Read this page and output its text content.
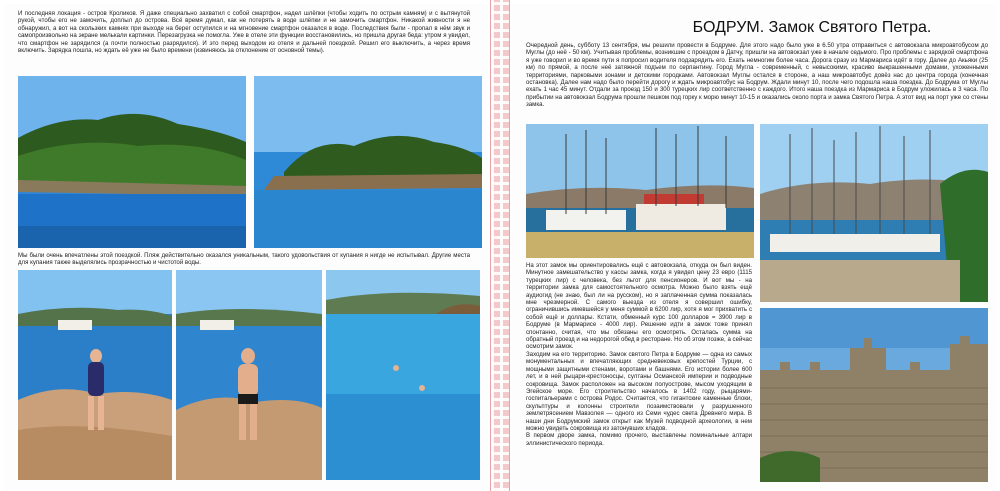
И последняя локация - остров Кроликов. Я даже специально захватил с собой смартфон, надел шлёпки (чтобы ходить по острым камням) и с вытянутой рукой, чтобы его не замочить, доплыл до острова. Всё время думал, как не потерять в воде шлёпки и не замочить смартфон. Никакой живности я не обнаружил, а вот на скользких камнях при выходе на берег оступился и на мгновение смартфон оказался в воде. Последствия были - пропал в нём звук и самопроизвольно на экране мелькали картинки. Перезагрузка не помогла. Уже в отеле эти функции восстановились, но пришла другая беда: утром я увидел, что смартфон не зарядился (а почти полностью разрядился). И это перед выходом из отеля и дальней поездкой. Решил его выключить, а через время включить. Зарядка пошла, но ждать её уже не было времени (извиняюсь за отклонение от основной темы).
Мы были очень впечатлены этой поездкой. Пляж действительно оказался уникальным, такого удовольствия от купания я нигде не испытывал. Другие места для купания также выделялись прозрачностью и чистотой воды.
БОДРУМ. Замок Святого Петра.
Очередной день, субботу 13 сентября, мы решили провести в Бодруме. Для этого надо было уже в 6.50 утра отправиться с автовокзала микроавтобусом до Муглы (до неё - 50 км). Учитывая проблемы, возникшие с проездом в Датчу, пришли на автовокзал уже в начале седьмого. Про проблемы с зарядкой смартфона я уже говорил и во время пути я попросил водителя подзарядить его. Ехать немногим более часа. Дорога сразу из Мармариса идёт в гору. Далее до Акьяки (25 км) по прямой, а после неё затяжной подъем по серпантину. Город Мугла - современный, с невысокими, красиво выкрашенными домами, ухоженными территориями, парковыми зонами и детскими городками. Автовокзал Муглы остался в стороне, а наш микроавтобус довёз нас до центра города (конечная остановка). Далее нам надо было перейти дорогу и ждать микроавтобус на Бодрум. Ждали минут 10, после чего подошла наша поездка. До Бодрума от Муглы ехать 1 час 45 минут. Отдали за проезд 150 и 300 турецких лир соответственно с каждого. Итого наша поездка из Мармариса в Бодрум уложилась в 3 часа. По прибытии на автовокзал Бодрума прошли пешком под горку к морю минут 10-15 и оказались около порта и замка Святого Петра. А этот вид на порт уже со стены замка.

На этот замок мы ориентировались ещё с автовокзала, откуда он был виден. Минутное замешательство у кассы замка, когда я увидел цену 23 евро (1115 турецких лир) с человека, без льгот для пенсионеров. И вот мы - на территории замка для самостоятельного осмотра. Можно было взять ещё аудиогид (не знаю, был ли на русском), но я заплаченная сумма показалась мне чрезмерной. С самого выезда из отеля я совершил ошибку, ограничившись имевшейся у меня суммой в 6200 лир, хотя я мог прихватить с собой ещё и доллары. Кстати, обменный курс 100 долларов = 3900 лир в Бодруме (в Мармарисе - 4000 лир). Решение идти в замок тоже принял спонтанно, считая, что мы обязаны его осмотреть. Осталась сумма на обратный проезд и на недорогой обед в ресторане. Но об этом позже, а сейчас осмотрим замок.

Заходим на его территорию. Замок святого Петра в Бодруме — одна из самых монументальных и впечатляющих средневековых крепостей Турции, с мощными защитными стенами, воротами и башнями. Его истории более 600 лет, и в ней рыцари-крестоносцы, султаны Османской империи и подводные сокровища. Замок расположен на высоком полуострове, мысом уходящим в Эгейское море. Его строительство началось в 1402 году, рыцарями-госпитальерами с острова Родос. Считается, что гигантские каменные блоки, скульптуры и колонны строители позаимствовали у разрушенного землетрясением Мавзолея — одного из Семи чудес света Древнего мира. В наши дни Бодрумский замок открыт как Музей подводной археологии, в нем можно увидеть сокровища из затонувших кладов.

В первом дворе замка, помимо прочего, выставлены поминальные алтари эллинистического периода.
